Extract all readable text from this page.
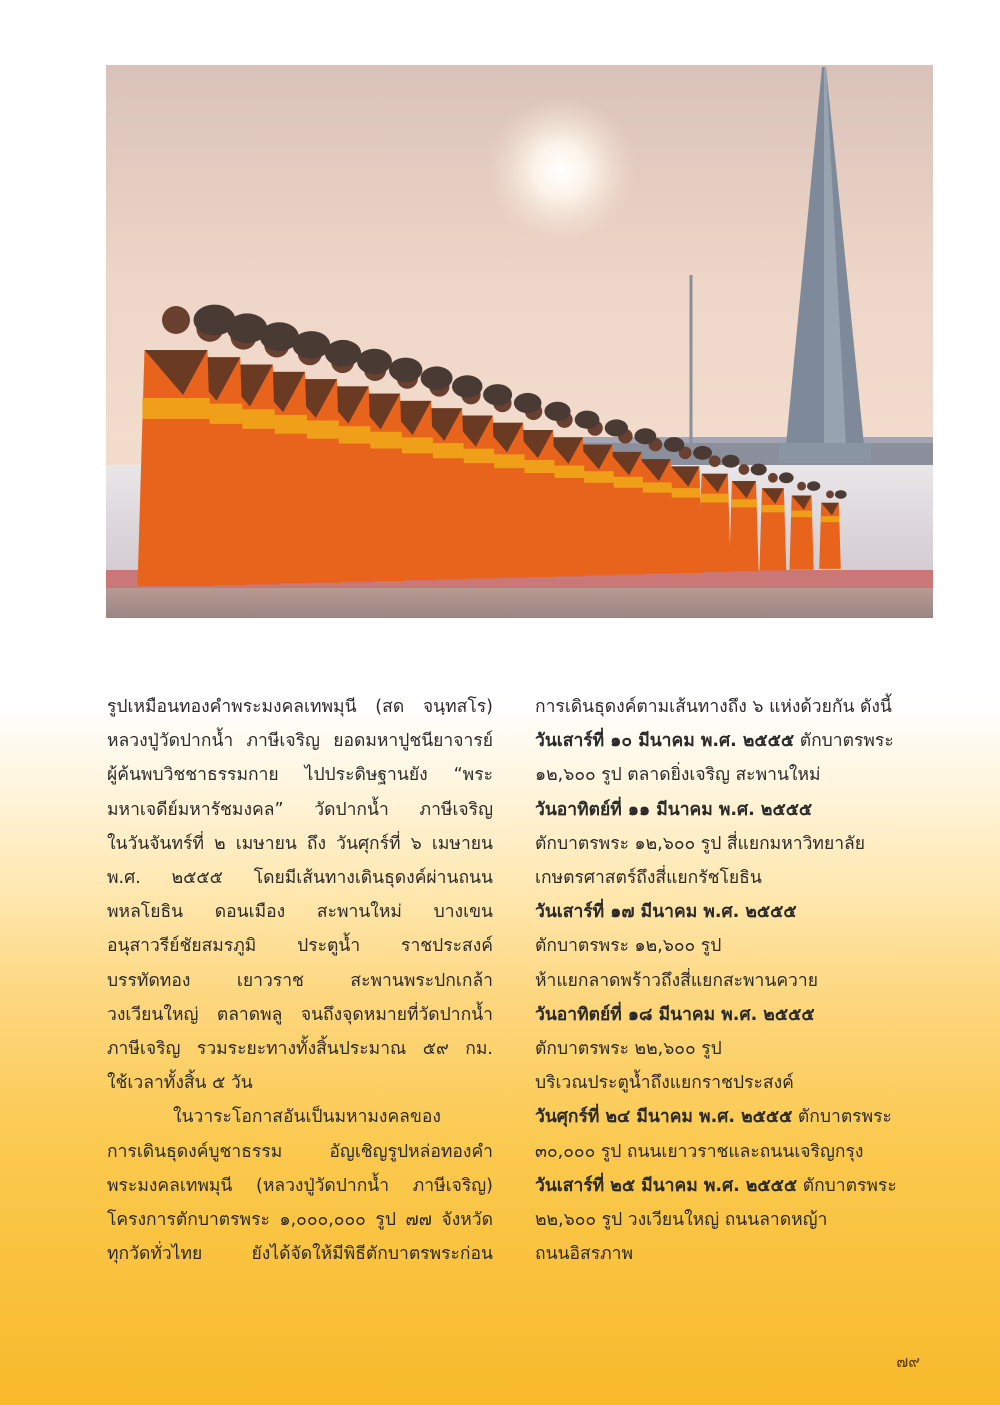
รูปเหมือนทองคำพระมงคลเทพมุนี (สด จนฺทสโร)
หลวงปู่วัดปากน้ำ ภาษีเจริญ ยอดมหาปูชนียาจารย์
ผู้ค้นพบวิชชาธรรมกาย ไปประดิษฐานยัง “พระ
มหาเจดีย์มหารัชมงคล” วัดปากน้ำ ภาษีเจริญ
ในวันจันทร์ที่ ๒ เมษายน ถึง วันศุกร์ที่ ๖ เมษายน
พ.ศ. ๒๕๕๕ โดยมีเส้นทางเดินธุดงค์ผ่านถนน
พหลโยธิน ดอนเมือง สะพานใหม่ บางเขน
อนุสาวรีย์ชัยสมรภูมิ ประตูน้ำ ราชประสงค์
บรรทัดทอง เยาวราช สะพานพระปกเกล้า
วงเวียนใหญ่ ตลาดพลู จนถึงจุดหมายที่วัดปากน้ำ
ภาษีเจริญ รวมระยะทางทั้งสิ้นประมาณ ๕๙ กม.
ใช้เวลาทั้งสิ้น ๕ วัน
ในวาระโอกาสอันเป็นมหามงคลของ
การเดินธุดงค์บูชาธรรม อัญเชิญรูปหล่อทองคำ
พระมงคลเทพมุนี (หลวงปู่วัดปากน้ำ ภาษีเจริญ)
โครงการตักบาตรพระ ๑,๐๐๐,๐๐๐ รูป ๗๗ จังหวัด
ทุกวัดทั่วไทย ยังได้จัดให้มีพิธีตักบาตรพระก่อน
การเดินธุดงค์ตามเส้นทางถึง ๖ แห่งด้วยกัน ดังนี้
วันเสาร์ที่ ๑๐ มีนาคม พ.ศ. ๒๕๕๕ ตักบาตรพระ
๑๒,๖๐๐ รูป ตลาดยิ่งเจริญ สะพานใหม่
วันอาทิตย์ที่ ๑๑ มีนาคม พ.ศ. ๒๕๕๕
ตักบาตรพระ ๑๒,๖๐๐ รูป สี่แยกมหาวิทยาลัย
เกษตรศาสตร์ถึงสี่แยกรัชโยธิน
วันเสาร์ที่ ๑๗ มีนาคม พ.ศ. ๒๕๕๕
ตักบาตรพระ ๑๒,๖๐๐ รูป
ห้าแยกลาดพร้าวถึงสี่แยกสะพานควาย
วันอาทิตย์ที่ ๑๘ มีนาคม พ.ศ. ๒๕๕๕
ตักบาตรพระ ๒๒,๖๐๐ รูป
บริเวณประตูน้ำถึงแยกราชประสงค์
วันศุกร์ที่ ๒๔ มีนาคม พ.ศ. ๒๕๕๕ ตักบาตรพระ
๓๐,๐๐๐ รูป ถนนเยาวราชและถนนเจริญกรุง
วันเสาร์ที่ ๒๕ มีนาคม พ.ศ. ๒๕๕๕ ตักบาตรพระ
๒๒,๖๐๐ รูป วงเวียนใหญ่ ถนนลาดหญ้า
ถนนอิสรภาพ
๗๙
